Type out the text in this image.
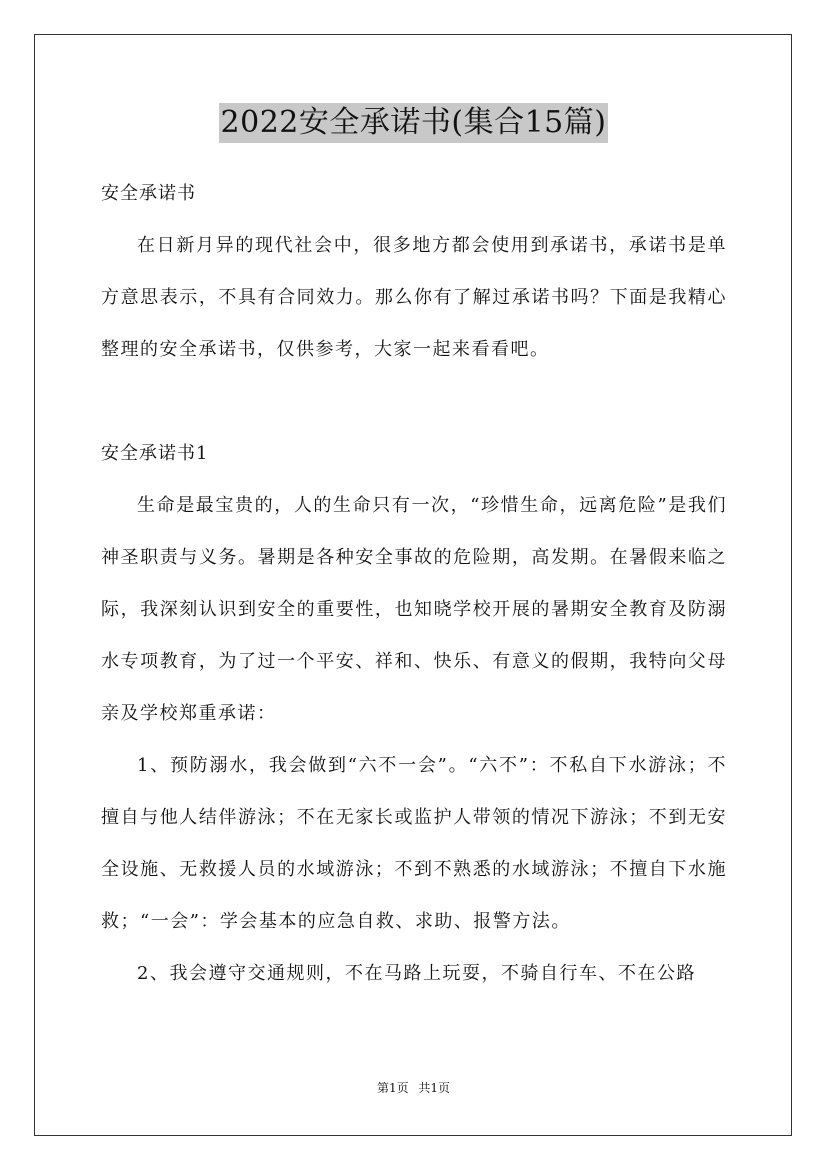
2022安全承诺书(集合15篇)

安全承诺书

在日新月异的现代社会中，很多地方都会使用到承诺书，承诺书是单方意思表示，不具有合同效力。那么你有了解过承诺书吗？下面是我精心整理的安全承诺书，仅供参考，大家一起来看看吧。

安全承诺书1

生命是最宝贵的，人的生命只有一次，“珍惜生命，远离危险”是我们神圣职责与义务。暑期是各种安全事故的危险期，高发期。在暑假来临之际，我深刻认识到安全的重要性，也知晓学校开展的暑期安全教育及防溺水专项教育，为了过一个平安、祥和、快乐、有意义的假期，我特向父母亲及学校郑重承诺：

1、预防溺水，我会做到“六不一会”。“六不”：不私自下水游泳；不擅自与他人结伴游泳；不在无家长或监护人带领的情况下游泳；不到无安全设施、无救援人员的水域游泳；不到不熟悉的水域游泳；不擅自下水施救；“一会”：学会基本的应急自救、求助、报警方法。

2、我会遵守交通规则，不在马路上玩耍，不骑自行车、不在公路

第1页 共1页
